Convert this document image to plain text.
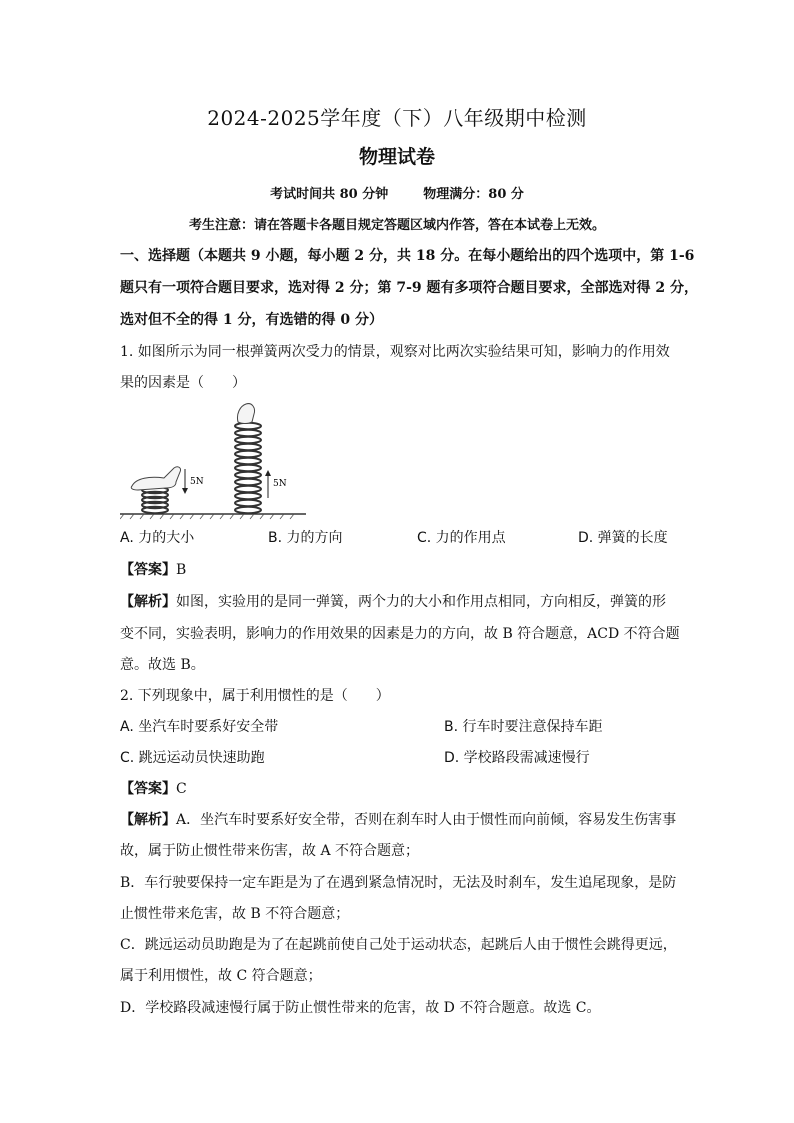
2024-2025学年度（下）八年级期中检测
物理试卷
考试时间共 80 分钟	物理满分：80 分
考生注意：请在答题卡各题目规定答题区域内作答，答在本试卷上无效。
一、选择题（本题共 9 小题，每小题 2 分，共 18 分。在每小题给出的四个选项中，第 1-6
题只有一项符合题目要求，选对得 2 分；第 7-9 题有多项符合题目要求，全部选对得 2 分，
选对但不全的得 1 分，有选错的得 0 分）
1. 如图所示为同一根弹簧两次受力的情景，观察对比两次实验结果可知，影响力的作用效
果的因素是（　　）
5N	5N
A. 力的大小	B. 力的方向	C. 力的作用点	D. 弹簧的长度
【答案】B
【解析】如图，实验用的是同一弹簧，两个力的大小和作用点相同，方向相反，弹簧的形
变不同，实验表明，影响力的作用效果的因素是力的方向，故 B 符合题意，ACD 不符合题
意。故选 B。
2. 下列现象中，属于利用惯性的是（　　）
A. 坐汽车时要系好安全带	B. 行车时要注意保持车距
C. 跳远运动员快速助跑	D. 学校路段需减速慢行
【答案】C
【解析】A．坐汽车时要系好安全带，否则在刹车时人由于惯性而向前倾，容易发生伤害事
故，属于防止惯性带来伤害，故 A 不符合题意；
B．车行驶要保持一定车距是为了在遇到紧急情况时，无法及时刹车，发生追尾现象，是防
止惯性带来危害，故 B 不符合题意；
C．跳远运动员助跑是为了在起跳前使自己处于运动状态，起跳后人由于惯性会跳得更远，
属于利用惯性，故 C 符合题意；
D．学校路段减速慢行属于防止惯性带来的危害，故 D 不符合题意。故选 C。
